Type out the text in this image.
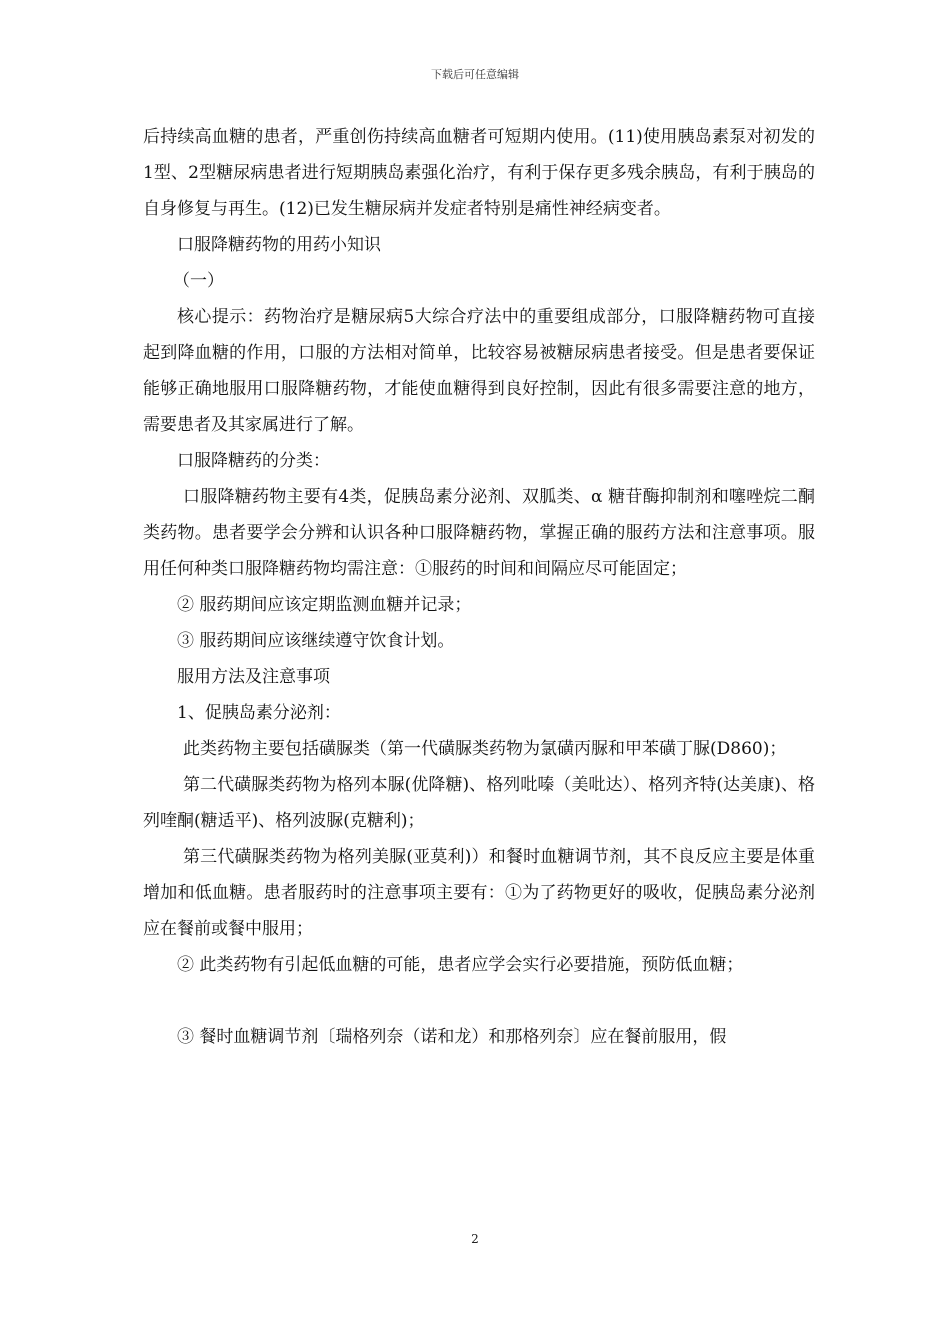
下载后可任意编辑

后持续高血糖的患者，严重创伤持续高血糖者可短期内使用。(11)使用胰岛素泵对初发的1型、2型糖尿病患者进行短期胰岛素强化治疗，有利于保存更多残余胰岛，有利于胰岛的自身修复与再生。(12)已发生糖尿病并发症者特别是痛性神经病变者。

口服降糖药物的用药小知识

（一）

核心提示：药物治疗是糖尿病5大综合疗法中的重要组成部分，口服降糖药物可直接起到降血糖的作用，口服的方法相对简单，比较容易被糖尿病患者接受。但是患者要保证能够正确地服用口服降糖药物，才能使血糖得到良好控制，因此有很多需要注意的地方，需要患者及其家属进行了解。

口服降糖药的分类：

口服降糖药物主要有4类，促胰岛素分泌剂、双胍类、α 糖苷酶抑制剂和噻唑烷二酮类药物。患者要学会分辨和认识各种口服降糖药物，掌握正确的服药方法和注意事项。服用任何种类口服降糖药物均需注意：①服药的时间和间隔应尽可能固定；

② 服药期间应该定期监测血糖并记录；

③ 服药期间应该继续遵守饮食计划。

服用方法及注意事项

1、促胰岛素分泌剂：

此类药物主要包括磺脲类（第一代磺脲类药物为氯磺丙脲和甲苯磺丁脲(D860)；

第二代磺脲类药物为格列本脲(优降糖)、格列吡嗪（美吡达）、格列齐特(达美康)、格列喹酮(糖适平)、格列波脲(克糖利)；

第三代磺脲类药物为格列美脲(亚莫利)）和餐时血糖调节剂，其不良反应主要是体重增加和低血糖。患者服药时的注意事项主要有：①为了药物更好的吸收，促胰岛素分泌剂应在餐前或餐中服用；

② 此类药物有引起低血糖的可能，患者应学会实行必要措施，预防低血糖；

③ 餐时血糖调节剂〔瑞格列奈（诺和龙）和那格列奈〕应在餐前服用，假

2
